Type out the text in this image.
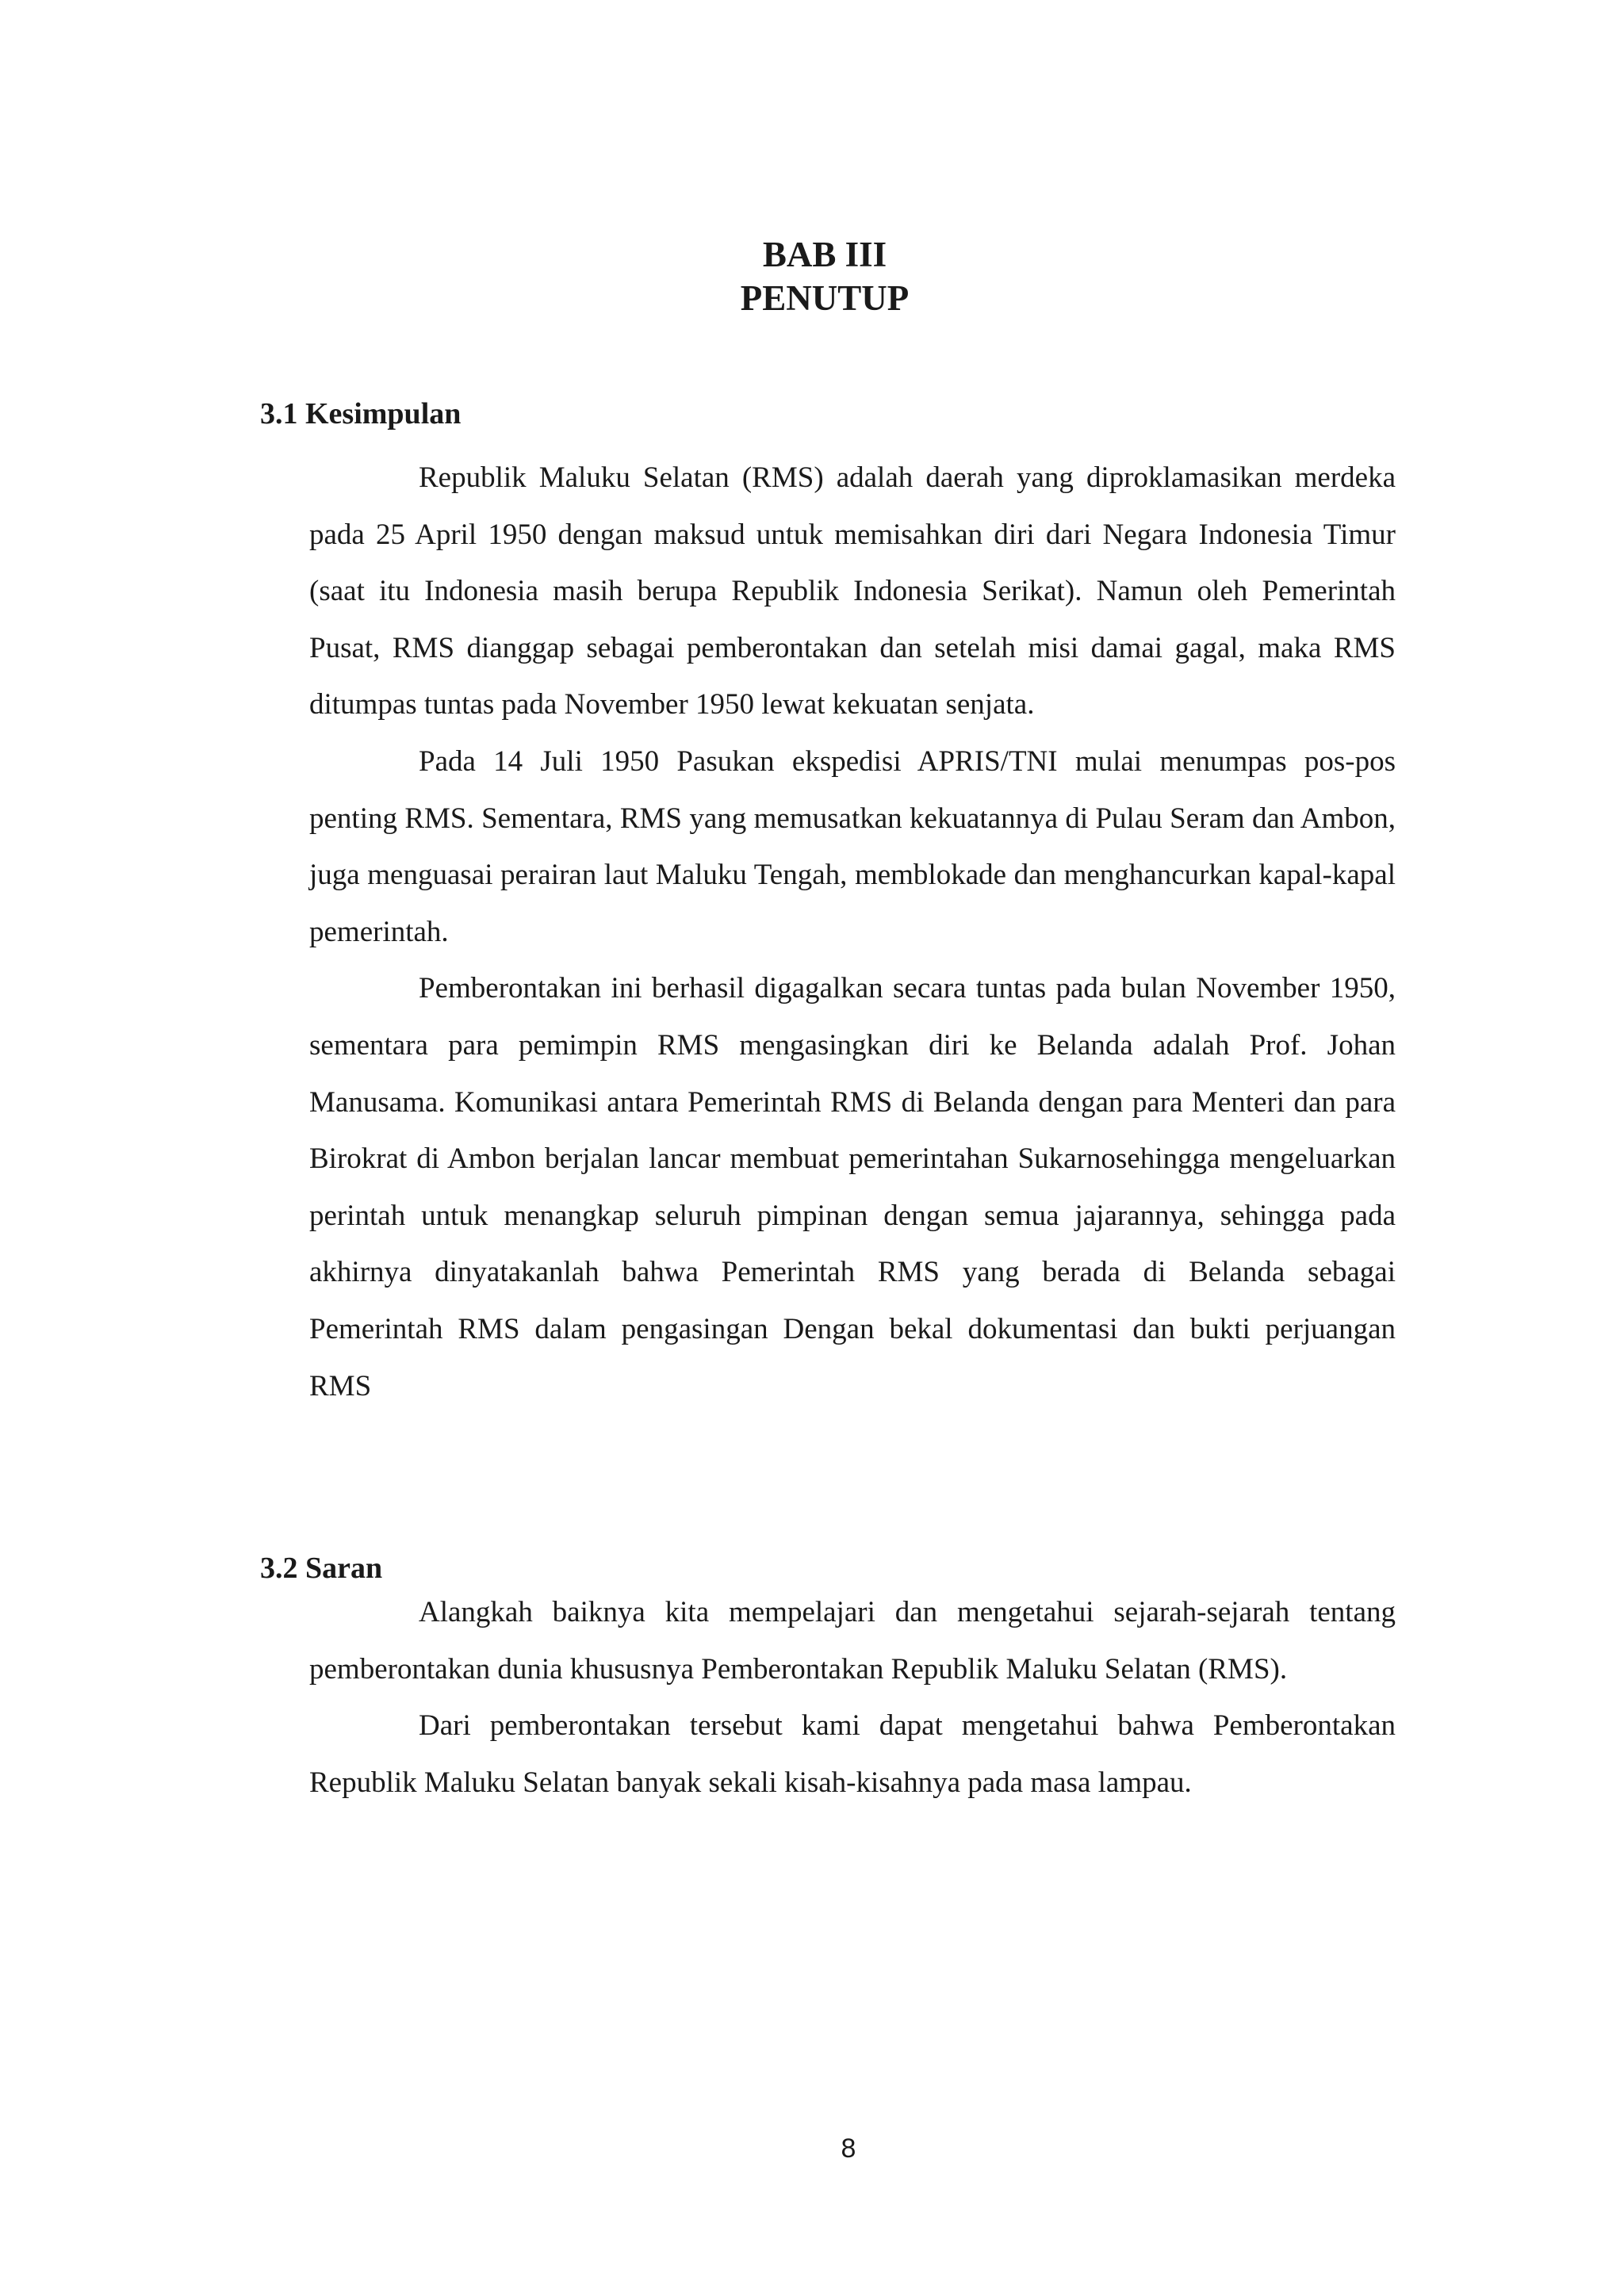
BAB III
PENUTUP
3.1 Kesimpulan

Republik Maluku Selatan (RMS) adalah daerah yang diproklamasikan merdeka pada 25 April 1950 dengan maksud untuk memisahkan diri dari Negara Indonesia Timur (saat itu Indonesia masih berupa Republik Indonesia Serikat). Namun oleh Pemerintah Pusat, RMS dianggap sebagai pemberontakan dan setelah misi damai gagal, maka RMS ditumpas tuntas pada November 1950 lewat kekuatan senjata.

Pada 14 Juli 1950 Pasukan ekspedisi APRIS/TNI mulai menumpas pos-pos penting RMS. Sementara, RMS yang memusatkan kekuatannya di Pulau Seram dan Ambon, juga menguasai perairan laut Maluku Tengah, memblokade dan menghancurkan kapal-kapal pemerintah.

Pemberontakan ini berhasil digagalkan secara tuntas pada bulan November 1950, sementara para pemimpin RMS mengasingkan diri ke Belanda adalah Prof. Johan Manusama. Komunikasi antara Pemerintah RMS di Belanda dengan para Menteri dan para Birokrat di Ambon berjalan lancar membuat pemerintahan Sukarnosehingga mengeluarkan perintah untuk menangkap seluruh pimpinan dengan semua jajarannya, sehingga pada akhirnya dinyatakanlah bahwa Pemerintah RMS yang berada di Belanda sebagai Pemerintah RMS dalam pengasingan Dengan bekal dokumentasi dan bukti perjuangan RMS

3.2 Saran

Alangkah baiknya kita mempelajari dan mengetahui sejarah-sejarah tentang pemberontakan dunia khususnya Pemberontakan Republik Maluku Selatan (RMS).

Dari pemberontakan tersebut kami dapat mengetahui bahwa Pemberontakan Republik Maluku Selatan banyak sekali kisah-kisahnya pada masa lampau.

8
